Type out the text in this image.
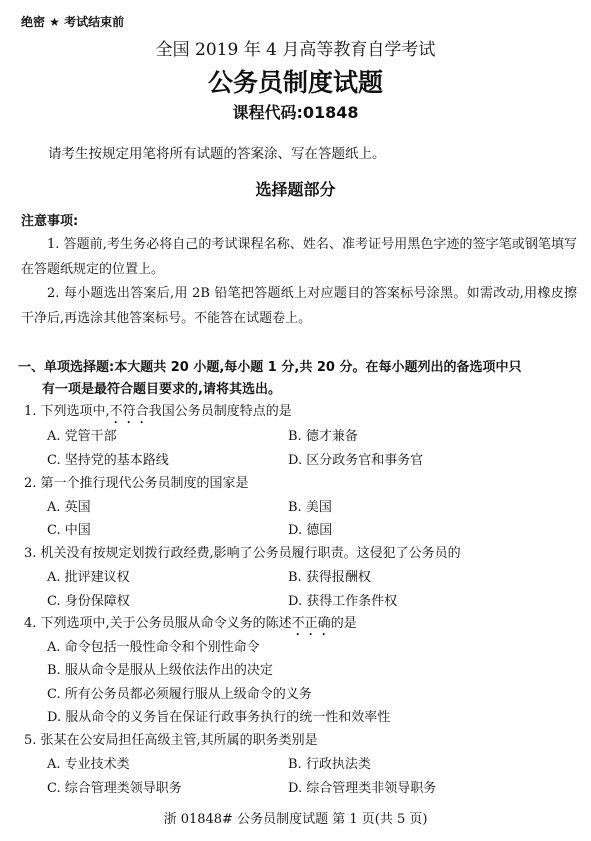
绝密 ★ 考试结束前
全国 2019 年 4 月高等教育自学考试
公务员制度试题
课程代码:01848
请考生按规定用笔将所有试题的答案涂、写在答题纸上。
选择题部分
注意事项:
1. 答题前,考生务必将自己的考试课程名称、姓名、准考证号用黑色字迹的签字笔或钢笔填写在答题纸规定的位置上。
2. 每小题选出答案后,用 2B 铅笔把答题纸上对应题目的答案标号涂黑。如需改动,用橡皮擦干净后,再选涂其他答案标号。不能答在试题卷上。
一、单项选择题:本大题共 20 小题,每小题 1 分,共 20 分。在每小题列出的备选项中只
有一项是最符合题目要求的,请将其选出。
1. 下列选项中,不符合我国公务员制度特点的是
A. 党管干部	B. 德才兼备
C. 坚持党的基本路线	D. 区分政务官和事务官
2. 第一个推行现代公务员制度的国家是
A. 英国	B. 美国
C. 中国	D. 德国
3. 机关没有按规定划拨行政经费,影响了公务员履行职责。这侵犯了公务员的
A. 批评建议权	B. 获得报酬权
C. 身份保障权	D. 获得工作条件权
4. 下列选项中,关于公务员服从命令义务的陈述不正确的是
A. 命令包括一般性命令和个别性命令
B. 服从命令是服从上级依法作出的决定
C. 所有公务员都必须履行服从上级命令的义务
D. 服从命令的义务旨在保证行政事务执行的统一性和效率性
5. 张某在公安局担任高级主管,其所属的职务类别是
A. 专业技术类	B. 行政执法类
C. 综合管理类领导职务	D. 综合管理类非领导职务
浙 01848# 公务员制度试题 第 1 页(共 5 页)
